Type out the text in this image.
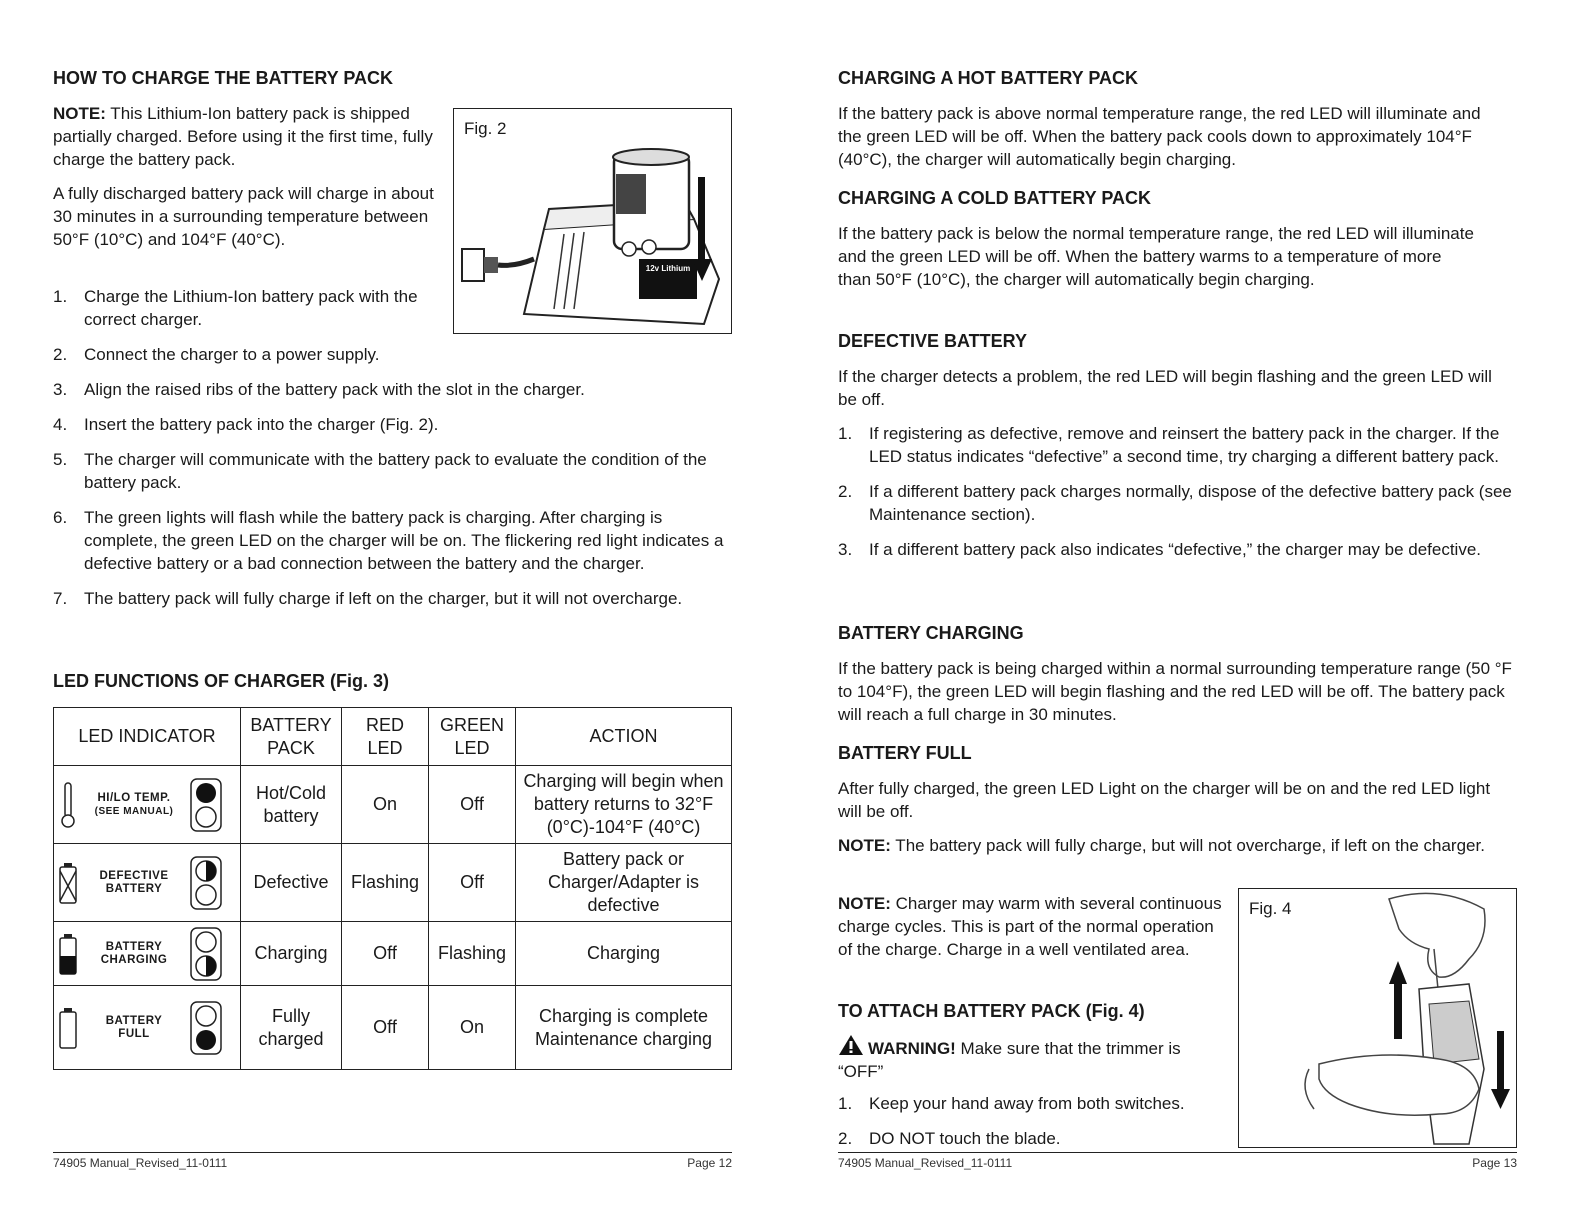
HOW TO CHARGE THE BATTERY PACK

NOTE: This Lithium-Ion battery pack is shipped partially charged. Before using it the first time, fully charge the battery pack.

A fully discharged battery pack will charge in about 30 minutes in a surrounding temperature between 50°F (10°C) and 104°F (40°C).

Fig. 2
12v Lithium
1. Charge the Lithium-Ion battery pack with the correct charger.
2. Connect the charger to a power supply.
3. Align the raised ribs of the battery pack with the slot in the charger.
4. Insert the battery pack into the charger (Fig. 2).
5. The charger will communicate with the battery pack to evaluate the condition of the battery pack.
6. The green lights will flash while the battery pack is charging. After charging is complete, the green LED on the charger will be on. The flickering red light indicates a defective battery or a bad connection between the battery and the charger.
7. The battery pack will fully charge if left on the charger, but it will not overcharge.
LED FUNCTIONS OF CHARGER (Fig. 3)
LED INDICATOR	BATTERY PACK	RED LED	GREEN LED	ACTION

HI/LO TEMP.
(SEE MANUAL)	Hot/Cold battery	On	Off	Charging will begin when battery returns to 32°F (0°C)-104°F (40°C)

DEFECTIVE
BATTERY	Defective	Flashing	Off	Battery pack or Charger/Adapter is defective

BATTERY
CHARGING	Charging	Off	Flashing	Charging

BATTERY
FULL	Fully charged	Off	On	Charging is complete Maintenance charging
74905 Manual_Revised_11-0111	Page 12
CHARGING A HOT BATTERY PACK

If the battery pack is above normal temperature range, the red LED will illuminate and the green LED will be off. When the battery pack cools down to approximately 104°F (40°C), the charger will automatically begin charging.

CHARGING A COLD BATTERY PACK

If the battery pack is below the normal temperature range, the red LED will illuminate and the green LED will be off. When the battery warms to a temperature of more than 50°F (10°C), the charger will automatically begin charging.

DEFECTIVE BATTERY

If the charger detects a problem, the red LED will begin flashing and the green LED will be off.

1. If registering as defective, remove and reinsert the battery pack in the charger. If the LED status indicates “defective” a second time, try charging a different battery pack.
2. If a different battery pack charges normally, dispose of the defective battery pack (see Maintenance section).
3. If a different battery pack also indicates “defective,” the charger may be defective.
BATTERY CHARGING

If the battery pack is being charged within a normal surrounding temperature range (50 °F to 104°F), the green LED will begin flashing and the red LED will be off. The battery pack will reach a full charge in 30 minutes.

BATTERY FULL

After fully charged, the green LED Light on the charger will be on and the red LED light will be off.

NOTE: The battery pack will fully charge, but will not overcharge, if left on the charger.

NOTE: Charger may warm with several continuous charge cycles. This is part of the normal operation of the charge. Charge in a well ventilated area.

Fig. 4
TO ATTACH BATTERY PACK (Fig. 4)

WARNING! Make sure that the trimmer is “OFF”

1. Keep your hand away from both switches.
2. DO NOT touch the blade.
74905 Manual_Revised_11-0111	Page 13
